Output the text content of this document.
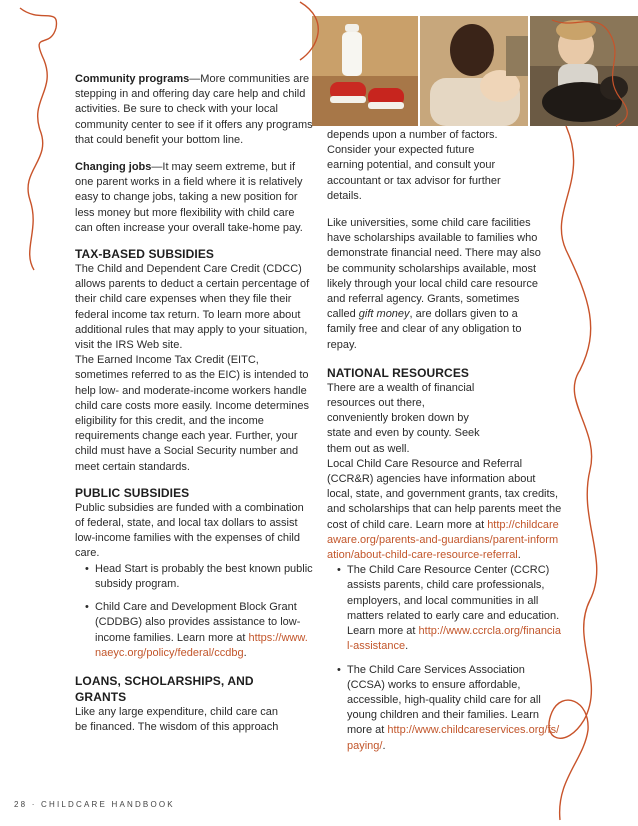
Community programs—More communities are stepping in and offering day care help and child activities. Be sure to check with your local community center to see if it offers any programs that could benefit your bottom line.

Changing jobs—It may seem extreme, but if one parent works in a field where it is relatively easy to change jobs, taking a new position for less money but more flexibility with child care can often increase your overall take-home pay.

TAX-BASED SUBSIDIES
The Child and Dependent Care Credit (CDCC) allows parents to deduct a certain percentage of their child care expenses when they file their federal income tax return. To learn more about additional rules that may apply to your situation, visit the IRS Web site.

The Earned Income Tax Credit (EITC, sometimes referred to as the EIC) is intended to help low- and moderate-income workers handle child care costs more easily. Income determines eligibility for this credit, and the income requirements change each year. Further, your child must have a Social Security number and meet certain standards.

PUBLIC SUBSIDIES
Public subsidies are funded with a combination of federal, state, and local tax dollars to assist low-income families with the expenses of child care.
• Head Start is probably the best known public subsidy program.
• Child Care and Development Block Grant (CDDBG) also provides assistance to low-income families. Learn more at https://www.naeyc.org/policy/federal/ccdbg.
LOANS, SCHOLARSHIPS, AND GRANTS
Like any large expenditure, child care can be financed. The wisdom of this approach

depends upon a number of factors. Consider your expected future earning potential, and consult your accountant or tax advisor for further details.

Like universities, some child care facilities have scholarships available to families who demonstrate financial need. There may also be community scholarships available, most likely through your local child care resource and referral agency. Grants, sometimes called gift money, are dollars given to a family free and clear of any obligation to repay.

NATIONAL RESOURCES
There are a wealth of financial resources out there, conveniently broken down by state and even by county. Seek them out as well.
Local Child Care Resource and Referral (CCR&R) agencies have information about local, state, and government grants, tax credits, and scholarships that can help parents meet the cost of child care. Learn more at http://childcareaware.org/parents-and-guardians/parent-information/about-child-care-resource-referral.
• The Child Care Resource Center (CCRC) assists parents, child care professionals, employers, and local communities in all matters related to early care and education. Learn more at http://www.ccrcla.org/financial-assistance.
• The Child Care Services Association (CCSA) works to ensure affordable, accessible, high-quality child care for all young children and their families. Learn more at http://www.childcareservices.org/fs/paying/.
28 · CHILDCARE HANDBOOK
